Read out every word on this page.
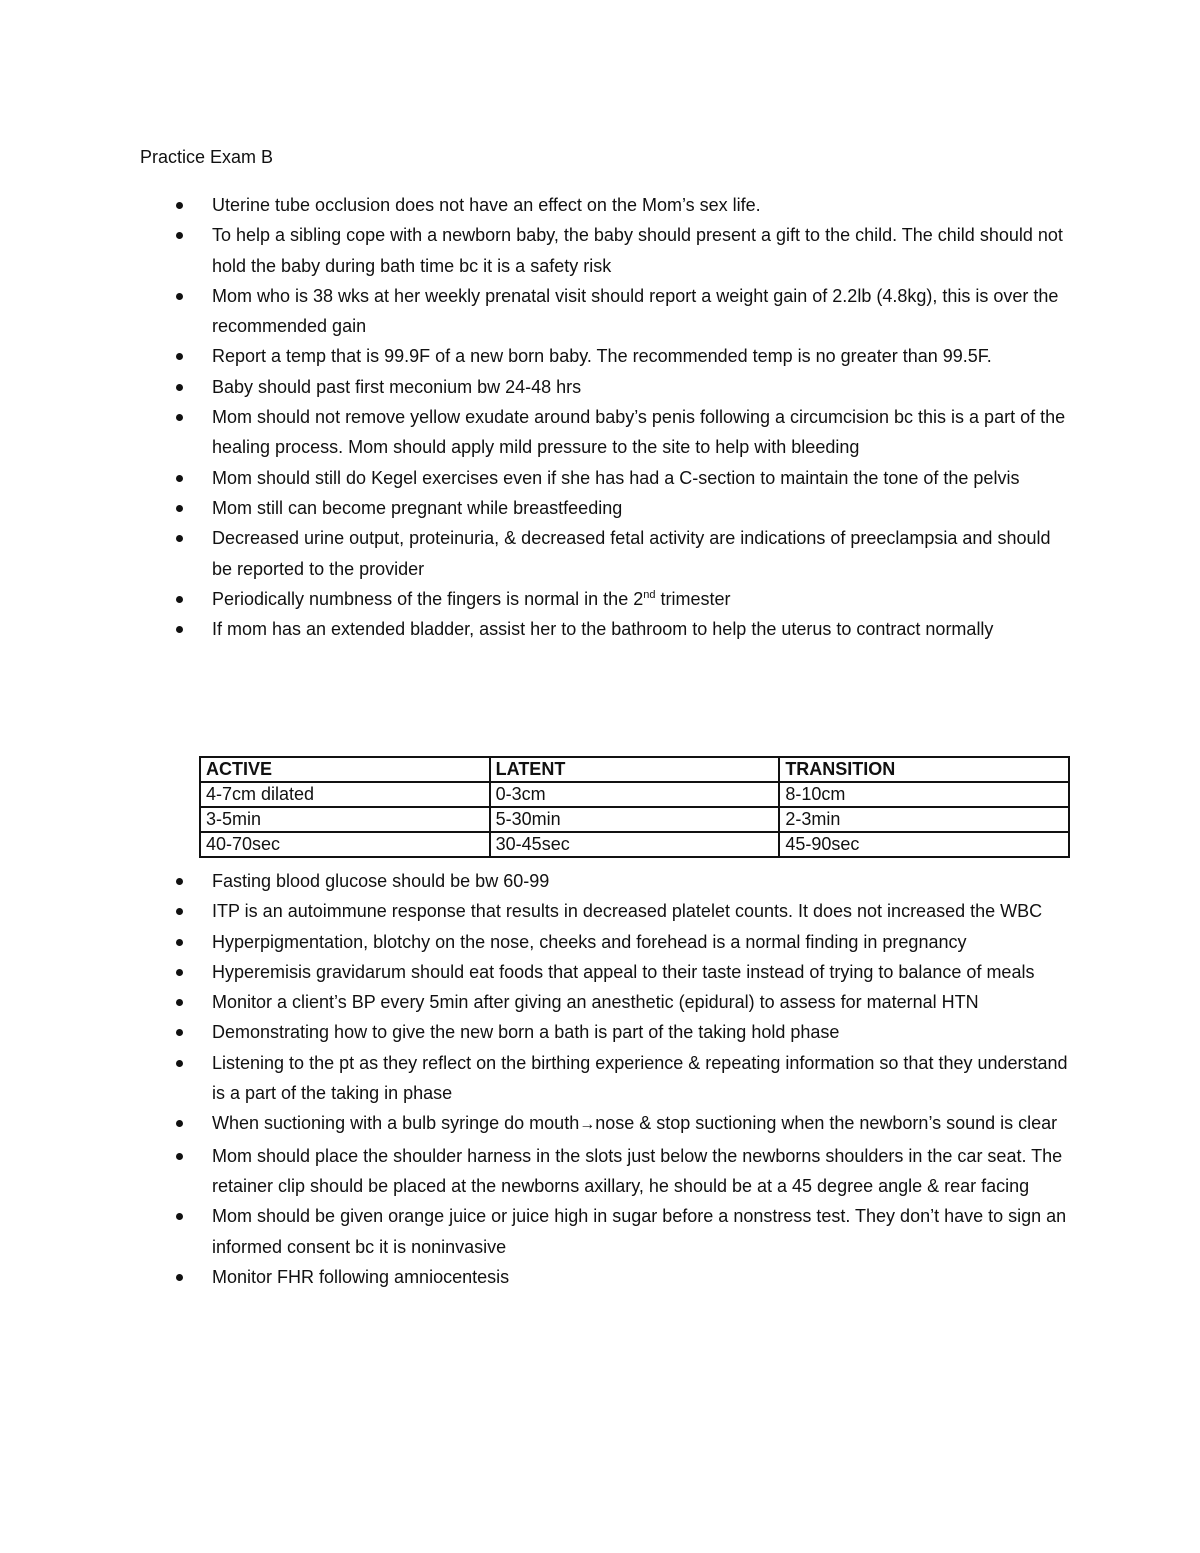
Practice Exam B
Uterine tube occlusion does not have an effect on the Mom’s sex life.
To help a sibling cope with a newborn baby, the baby should present a gift to the child. The child should not hold the baby during bath time bc it is a safety risk
Mom who is 38 wks at her weekly prenatal visit should report a weight gain of 2.2lb (4.8kg), this is over the recommended gain
Report a temp that is 99.9F of a new born baby. The recommended temp is no greater than 99.5F.
Baby should past first meconium bw 24-48 hrs
Mom should not remove yellow exudate around baby’s penis following a circumcision bc this is a part of the healing process. Mom should apply mild pressure to the site to help with bleeding
Mom should still do Kegel exercises even if she has had a C-section to maintain the tone of the pelvis
Mom still can become pregnant while breastfeeding
Decreased urine output, proteinuria, & decreased fetal activity are indications of preeclampsia and should be reported to the provider
Periodically numbness of the fingers is normal in the 2nd trimester
If mom has an extended bladder, assist her to the bathroom to help the uterus to contract normally
ACTIVE	LATENT	TRANSITION
4-7cm dilated	0-3cm	8-10cm
3-5min	5-30min	2-3min
40-70sec	30-45sec	45-90sec
Fasting blood glucose should be bw 60-99
ITP is an autoimmune response that results in decreased platelet counts. It does not increased the WBC
Hyperpigmentation, blotchy on the nose, cheeks and forehead is a normal finding in pregnancy
Hyperemisis gravidarum should eat foods that appeal to their taste instead of trying to balance of meals
Monitor a client’s BP every 5min after giving an anesthetic (epidural) to assess for maternal HTN
Demonstrating how to give the new born a bath is part of the taking hold phase
Listening to the pt as they reflect on the birthing experience & repeating information so that they understand is a part of the taking in phase
When suctioning with a bulb syringe do mouth→nose & stop suctioning when the newborn’s sound is clear
Mom should place the shoulder harness in the slots just below the newborns shoulders in the car seat. The retainer clip should be placed at the newborns axillary, he should be at a 45 degree angle & rear facing
Mom should be given orange juice or juice high in sugar before a nonstress test. They don’t have to sign an informed consent bc it is noninvasive
Monitor FHR following amniocentesis
